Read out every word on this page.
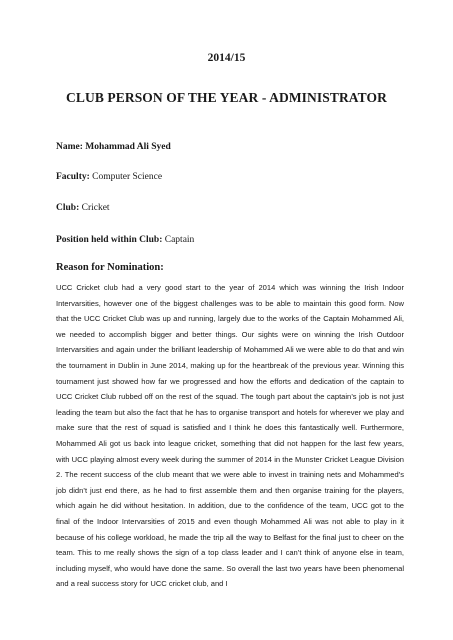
2014/15
CLUB PERSON OF THE YEAR - ADMINISTRATOR
Name: Mohammad Ali Syed
Faculty: Computer Science
Club: Cricket
Position held within Club: Captain
Reason for Nomination:
UCC Cricket club had a very good start to the year of 2014 which was winning the Irish Indoor Intervarsities, however one of the biggest challenges was to be able to maintain this good form. Now that the UCC Cricket Club was up and running, largely due to the works of the Captain Mohammed Ali, we needed to accomplish bigger and better things. Our sights were on winning the Irish Outdoor Intervarsities and again under the brilliant leadership of Mohammed Ali we were able to do that and win the tournament in Dublin in June 2014, making up for the heartbreak of the previous year. Winning this tournament just showed how far we progressed and how the efforts and dedication of the captain to UCC Cricket Club rubbed off on the rest of the squad. The tough part about the captain’s job is not just leading the team but also the fact that he has to organise transport and hotels for wherever we play and make sure that the rest of squad is satisfied and I think he does this fantastically well. Furthermore, Mohammed Ali got us back into league cricket, something that did not happen for the last few years, with UCC playing almost every week during the summer of 2014 in the Munster Cricket League Division 2. The recent success of the club meant that we were able to invest in training nets and Mohammed’s job didn’t just end there, as he had to first assemble them and then organise training for the players, which again he did without hesitation. In addition, due to the confidence of the team, UCC got to the final of the Indoor Intervarsities of 2015 and even though Mohammed Ali was not able to play in it because of his college workload, he made the trip all the way to Belfast for the final just to cheer on the team. This to me really shows the sign of a top class leader and I can’t think of anyone else in team, including myself, who would have done the same. So overall the last two years have been phenomenal and a real success story for UCC cricket club, and I
